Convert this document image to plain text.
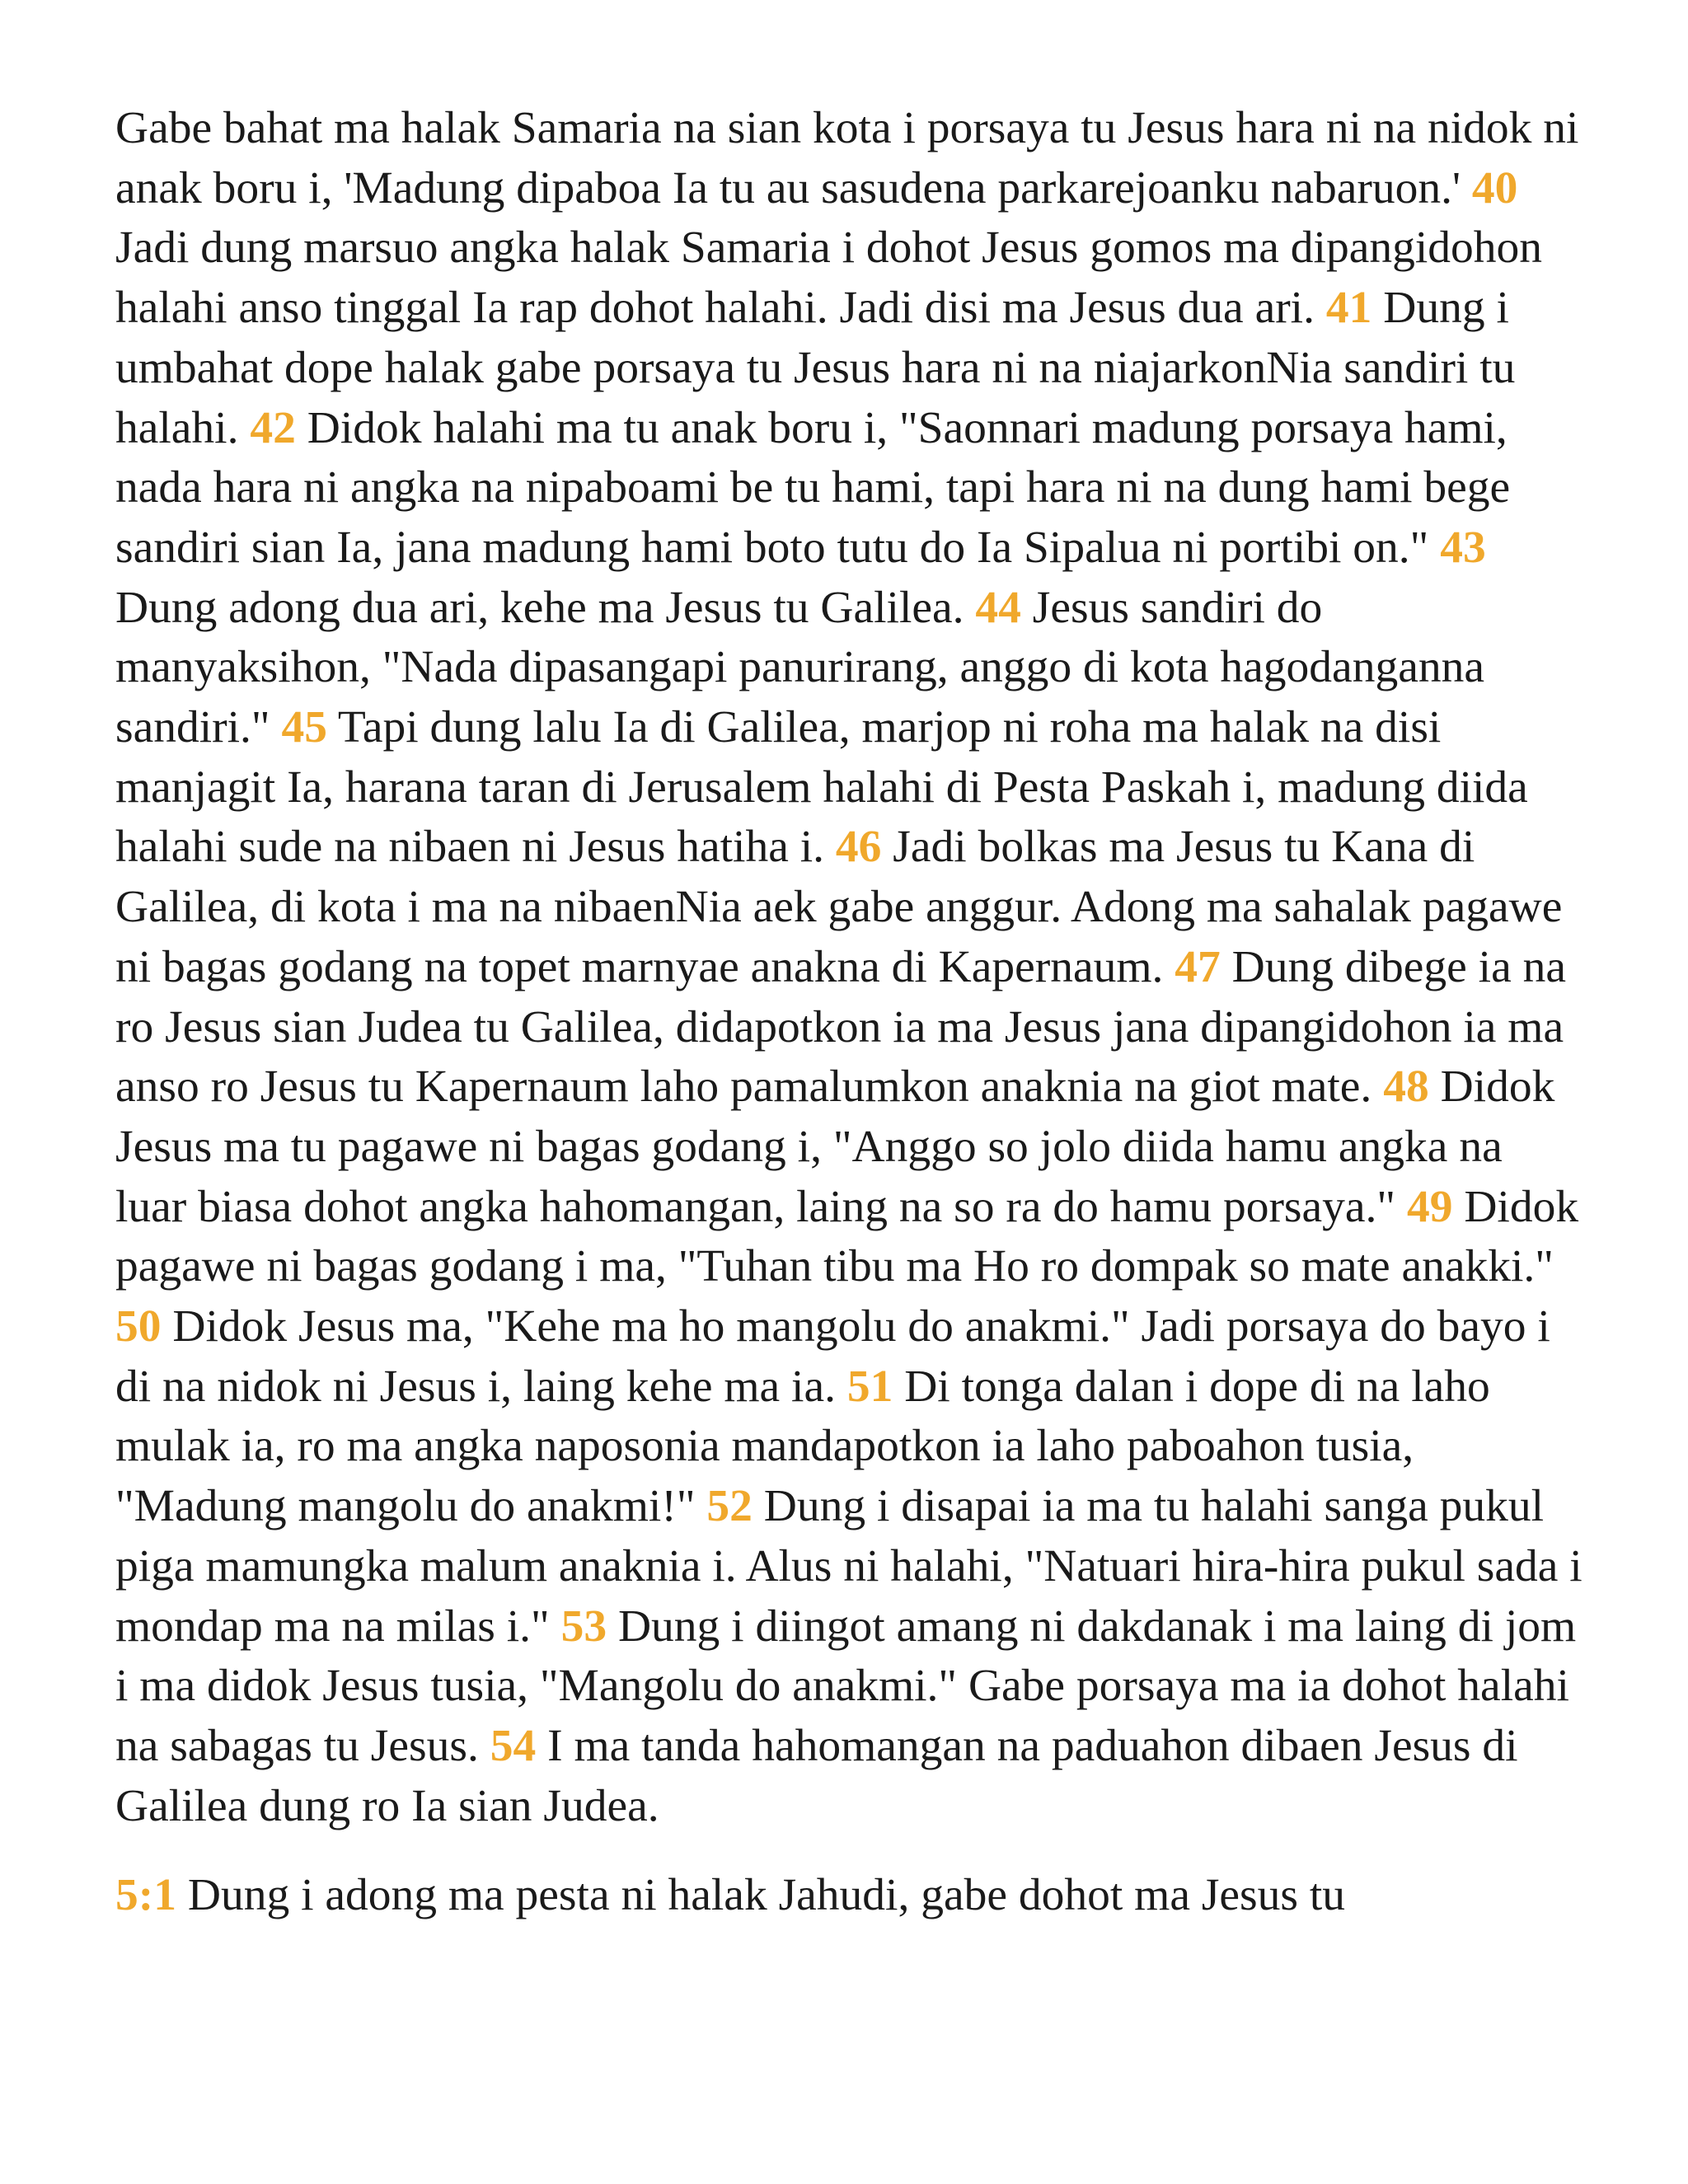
Gabe bahat ma halak Samaria na sian kota i porsaya tu Jesus hara ni na nidok ni anak boru i, 'Madung dipaboa Ia tu au sasudena parkarejoanku nabaruon.' 40 Jadi dung marsuo angka halak Samaria i dohot Jesus gomos ma dipangidohon halahi anso tinggal Ia rap dohot halahi. Jadi disi ma Jesus dua ari. 41 Dung i umbahat dope halak gabe porsaya tu Jesus hara ni na niajarkonNia sandiri tu halahi. 42 Didok halahi ma tu anak boru i, "Saonnari madung porsaya hami, nada hara ni angka na nipaboami be tu hami, tapi hara ni na dung hami bege sandiri sian Ia, jana madung hami boto tutu do Ia Sipalua ni portibi on." 43 Dung adong dua ari, kehe ma Jesus tu Galilea. 44 Jesus sandiri do manyaksihon, "Nada dipasangapi panurirang, anggo di kota hagodanganna sandiri." 45 Tapi dung lalu Ia di Galilea, marjop ni roha ma halak na disi manjagit Ia, harana taran di Jerusalem halahi di Pesta Paskah i, madung diida halahi sude na nibaen ni Jesus hatiha i. 46 Jadi bolkas ma Jesus tu Kana di Galilea, di kota i ma na nibaenNia aek gabe anggur. Adong ma sahalak pagawe ni bagas godang na topet marnyae anakna di Kapernaum. 47 Dung dibege ia na ro Jesus sian Judea tu Galilea, didapotkon ia ma Jesus jana dipangidohon ia ma anso ro Jesus tu Kapernaum laho pamalumkon anaknia na giot mate. 48 Didok Jesus ma tu pagawe ni bagas godang i, "Anggo so jolo diida hamu angka na luar biasa dohot angka hahomangan, laing na so ra do hamu porsaya." 49 Didok pagawe ni bagas godang i ma, "Tuhan tibu ma Ho ro dompak so mate anakki." 50 Didok Jesus ma, "Kehe ma ho mangolu do anakmi." Jadi porsaya do bayo i di na nidok ni Jesus i, laing kehe ma ia. 51 Di tonga dalan i dope di na laho mulak ia, ro ma angka naposonia mandapotkon ia laho paboahon tusia, "Madung mangolu do anakmi!" 52 Dung i disapai ia ma tu halahi sanga pukul piga mamungka malum anaknia i. Alus ni halahi, "Natuari hira-hira pukul sada i mondap ma na milas i." 53 Dung i diingot amang ni dakdanak i ma laing di jom i ma didok Jesus tusia, "Mangolu do anakmi." Gabe porsaya ma ia dohot halahi na sabagas tu Jesus. 54 I ma tanda hahomangan na paduahon dibaen Jesus di Galilea dung ro Ia sian Judea.

5:1 Dung i adong ma pesta ni halak Jahudi, gabe dohot ma Jesus tu
